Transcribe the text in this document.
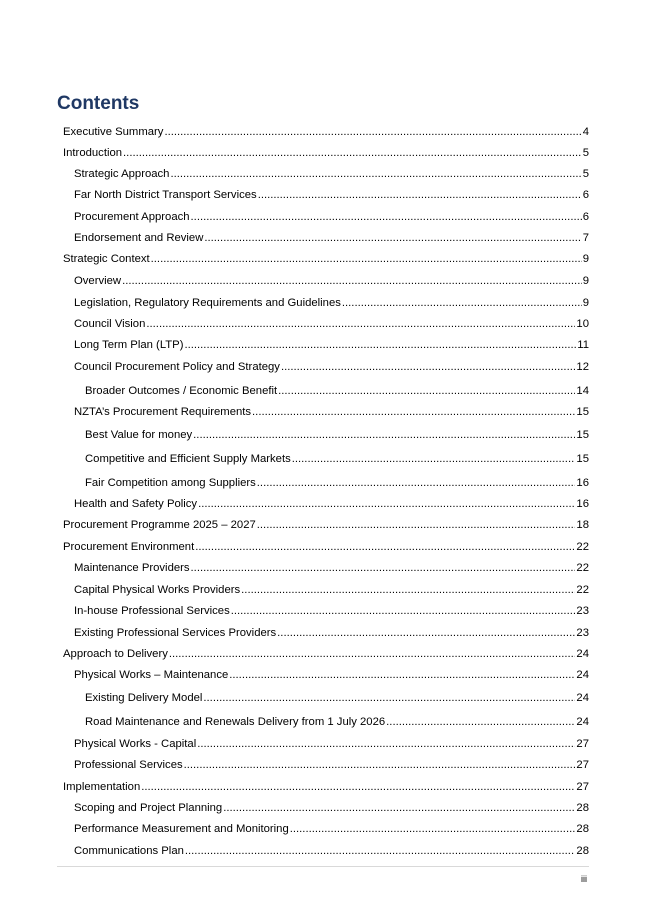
Contents
Executive Summary .....	4
Introduction .....	5
Strategic Approach .....	5
Far North District Transport Services .....	6
Procurement Approach .....	6
Endorsement and Review .....	7
Strategic Context .....	9
Overview .....	9
Legislation, Regulatory Requirements and Guidelines .....	9
Council Vision .....	10
Long Term Plan (LTP) .....	11
Council Procurement Policy and Strategy .....	12
Broader Outcomes / Economic Benefit .....	14
NZTA’s Procurement Requirements .....	15
Best Value for money .....	15
Competitive and Efficient Supply Markets .....	15
Fair Competition among Suppliers .....	16
Health and Safety Policy .....	16
Procurement Programme 2025 – 2027 .....	18
Procurement Environment .....	22
Maintenance Providers .....	22
Capital Physical Works Providers .....	22
In-house Professional Services .....	23
Existing Professional Services Providers .....	23
Approach to Delivery .....	24
Physical Works – Maintenance .....	24
Existing Delivery Model .....	24
Road Maintenance and Renewals Delivery from 1 July 2026 .....	24
Physical Works - Capital .....	27
Professional Services .....	27
Implementation .....	27
Scoping and Project Planning .....	28
Performance Measurement and Monitoring .....	28
Communications Plan .....	28
iii
